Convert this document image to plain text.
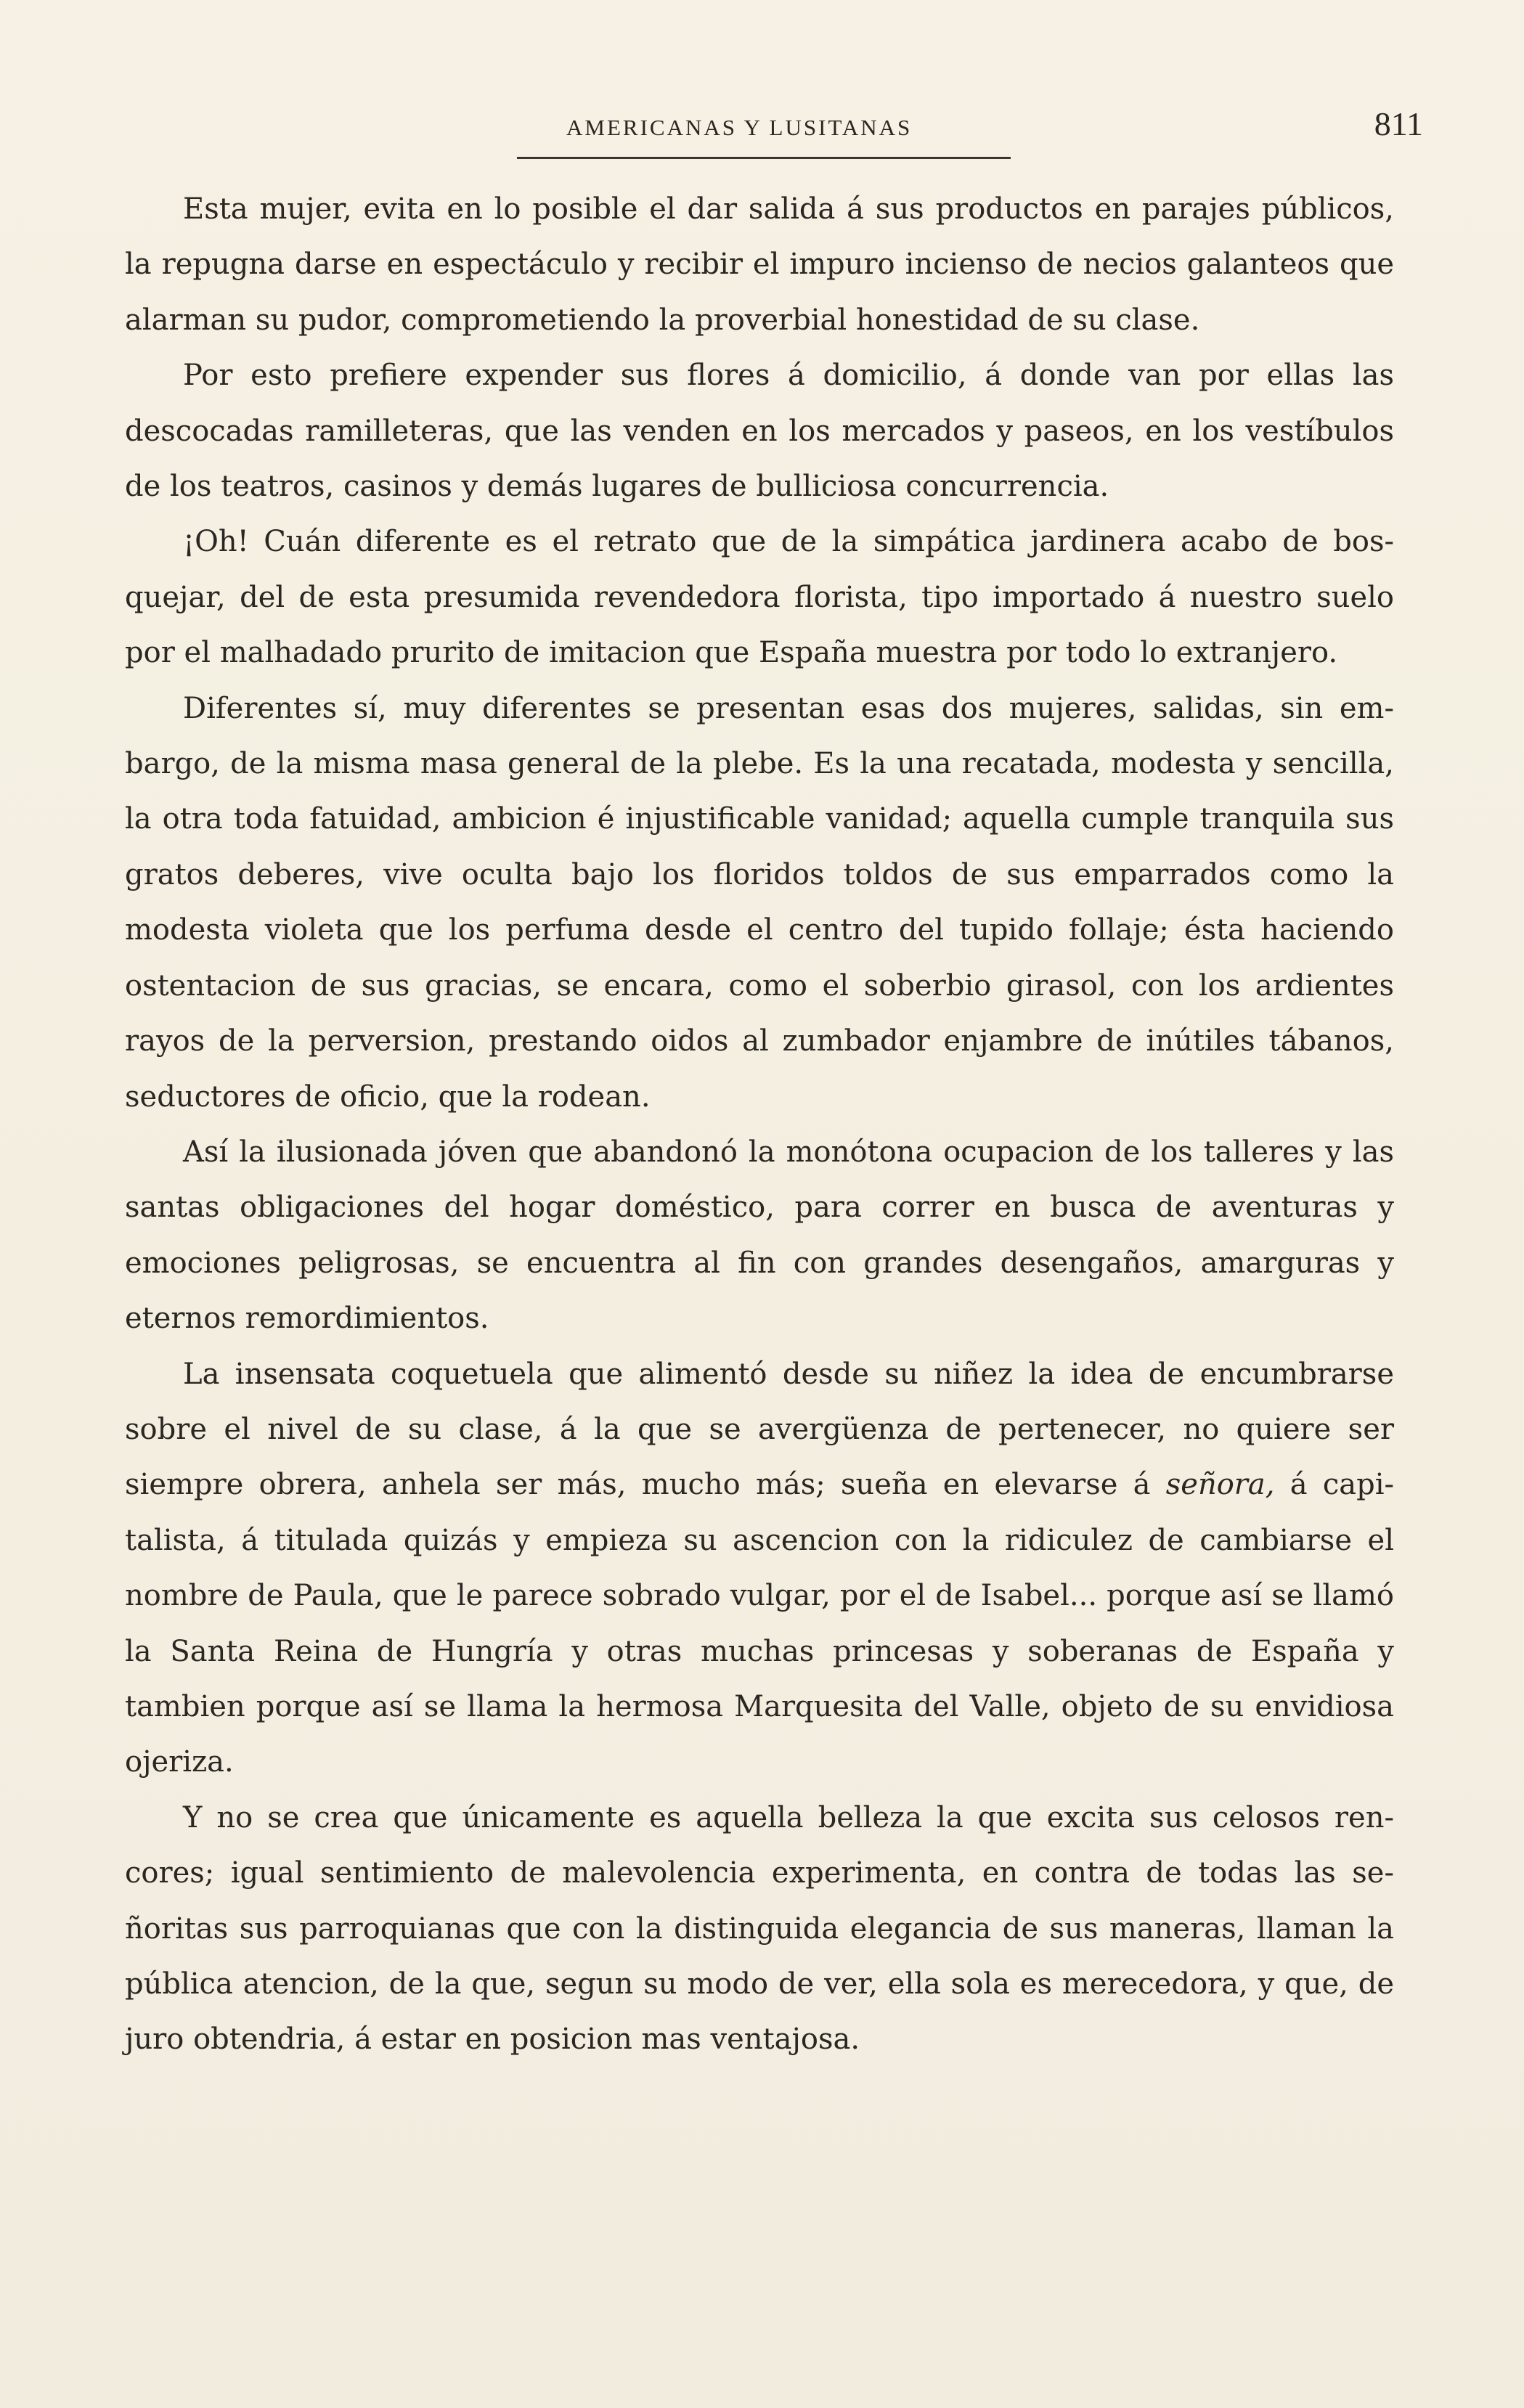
AMERICANAS Y LUSITANAS	811

Esta mujer, evita en lo posible el dar salida á sus productos en parajes públicos, la repugna darse en espectáculo y recibir el impuro incienso de necios galanteos que alarman su pudor, comprometiendo la proverbial honestidad de su clase.

Por esto prefiere expender sus flores á domicilio, á donde van por ellas las descocadas ramilleteras, que las venden en los mercados y paseos, en los vestíbulos de los teatros, casinos y demás lugares de bulliciosa concurrencia.

¡Oh! Cuán diferente es el retrato que de la simpática jardinera acabo de bosquejar, del de esta presumida revendedora florista, tipo importado á nuestro suelo por el malhadado prurito de imitacion que España muestra por todo lo extranjero.

Diferentes sí, muy diferentes se presentan esas dos mujeres, salidas, sin embargo, de la misma masa general de la plebe. Es la una recatada, modesta y sencilla, la otra toda fatuidad, ambicion é injustificable vanidad; aquella cumple tranquila sus gratos deberes, vive oculta bajo los floridos toldos de sus emparrados como la modesta violeta que los perfuma desde el centro del tupido follaje; ésta haciendo ostentacion de sus gracias, se encara, como el soberbio girasol, con los ardientes rayos de la perversion, prestando oidos al zumbador enjambre de inútiles tábanos, seductores de oficio, que la rodean.

Así la ilusionada jóven que abandonó la monótona ocupacion de los talleres y las santas obligaciones del hogar doméstico, para correr en busca de aventuras y emociones peligrosas, se encuentra al fin con grandes desengaños, amarguras y eternos remordimientos.

La insensata coquetuela que alimentó desde su niñez la idea de encumbrarse sobre el nivel de su clase, á la que se avergüenza de pertenecer, no quiere ser siempre obrera, anhela ser más, mucho más; sueña en elevarse á señora, á capitalista, á titulada quizás y empieza su ascencion con la ridiculez de cambiarse el nombre de Paula, que le parece sobrado vulgar, por el de Isabel... porque así se llamó la Santa Reina de Hungría y otras muchas princesas y soberanas de España y tambien porque así se llama la hermosa Marquesita del Valle, objeto de su envidiosa ojeriza.

Y no se crea que únicamente es aquella belleza la que excita sus celosos rencores; igual sentimiento de malevolencia experimenta, en contra de todas las señoritas sus parroquianas que con la distinguida elegancia de sus maneras, llaman la pública atencion, de la que, segun su modo de ver, ella sola es merecedora, y que, de juro obtendria, á estar en posicion mas ventajosa.
